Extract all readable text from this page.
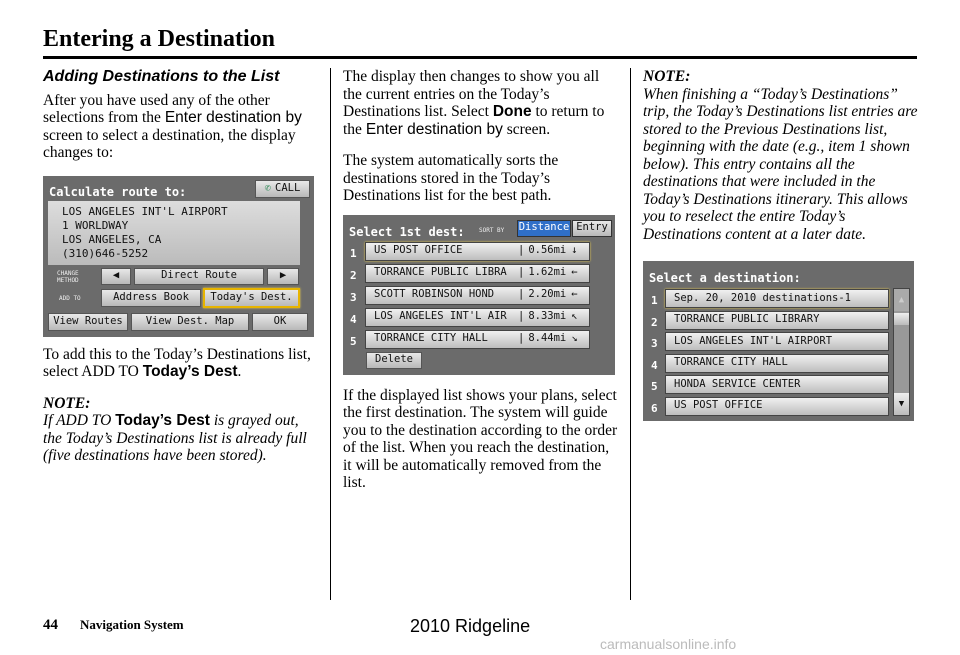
Entering a Destination
Adding Destinations to the List

After you have used any of the other selections from the Enter destination by screen to select a destination, the display changes to:

Calculate route to:	✆ CALL
LOS ANGELES INT'L AIRPORT
1 WORLDWAY
LOS ANGELES, CA
(310)646-5252
CHANGE METHOD	◀	Direct Route	▶
ADD TO	Address Book	Today's Dest.
View Routes	View Dest. Map	OK

To add this to the Today’s Destinations list, select ADD TO Today’s Dest.

NOTE:

If ADD TO Today’s Dest is grayed out, the Today’s Destinations list is already full (five destinations have been stored).

The display then changes to show you all the current entries on the Today’s Destinations list. Select Done to return to the Enter destination by screen.

The system automatically sorts the destinations stored in the Today’s Destinations list for the best path.

Select 1st dest: SORT BY Distance Entry
1 US POST OFFICE	| 0.56mi ↓
2 TORRANCE PUBLIC LIBRA	| 1.62mi ←
3 SCOTT ROBINSON HOND	| 2.20mi ←
4 LOS ANGELES INT'L AIR	| 8.33mi ↖
5 TORRANCE CITY HALL	| 8.44mi ↘
Delete

If the displayed list shows your plans, select the first destination. The system will guide you to the destination according to the order of the list. When you reach the destination, it will be automatically removed from the list.

NOTE:

When finishing a “Today’s Destinations” trip, the Today’s Destinations list entries are stored to the Previous Destinations list, beginning with the date (e.g., item 1 shown below). This entry contains all the destinations that were included in the Today’s Destinations itinerary. This allows you to reselect the entire Today’s Destinations content at a later date.

Select a destination:
1	Sep. 20, 2010 destinations-1
2	TORRANCE PUBLIC LIBRARY
3	LOS ANGELES INT'L AIRPORT
4	TORRANCE CITY HALL
5	HONDA SERVICE CENTER
6	US POST OFFICE
▲
▼
44 Navigation System	2010 Ridgeline
carmanualsonline.info
